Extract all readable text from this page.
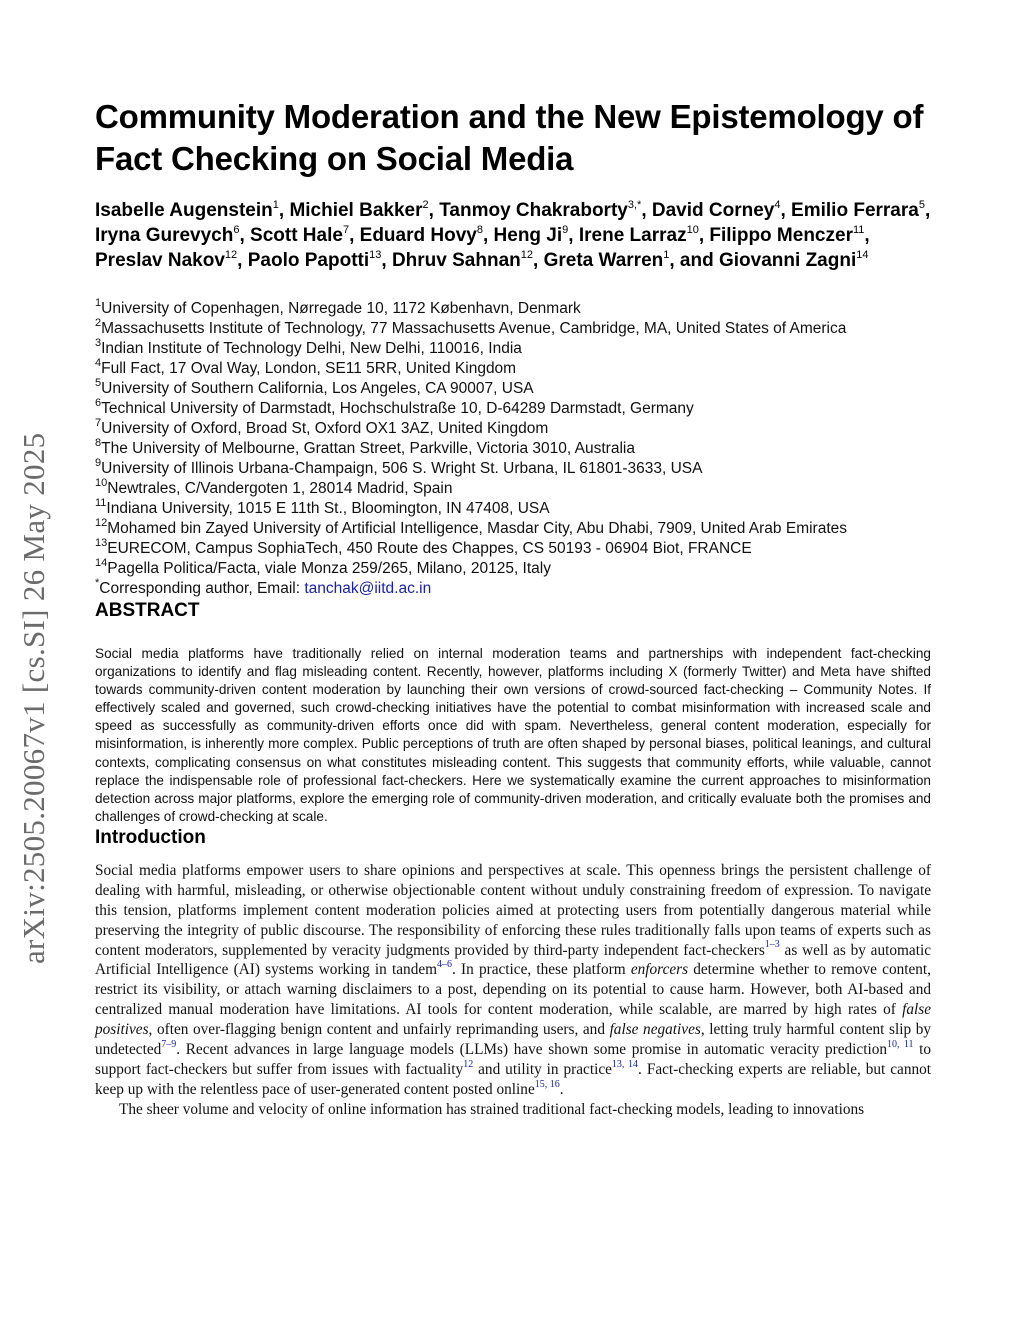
arXiv:2505.20067v1 [cs.SI] 26 May 2025
Community Moderation and the New Epistemology of
Fact Checking on Social Media
Isabelle Augenstein$^1$, Michiel Bakker$^2$, Tanmoy Chakraborty$^{3,*}$, David Corney$^4$, Emilio Ferrara$^5$, Iryna Gurevych$^6$, Scott Hale$^7$, Eduard Hovy$^8$, Heng Ji$^9$, Irene Larraz$^{10}$, Filippo Menczer$^{11}$, Preslav Nakov$^{12}$, Paolo Papotti$^{13}$, Dhruv Sahnan$^{12}$, Greta Warren$^1$, and Giovanni Zagni$^{14}$
$^1$University of Copenhagen, Nørregade 10, 1172 København, Denmark
$^2$Massachusetts Institute of Technology, 77 Massachusetts Avenue, Cambridge, MA, United States of America
$^3$Indian Institute of Technology Delhi, New Delhi, 110016, India
$^4$Full Fact, 17 Oval Way, London, SE11 5RR, United Kingdom
$^5$University of Southern California, Los Angeles, CA 90007, USA
$^6$Technical University of Darmstadt, Hochschulstraße 10, D-64289 Darmstadt, Germany
$^7$University of Oxford, Broad St, Oxford OX1 3AZ, United Kingdom
$^8$The University of Melbourne, Grattan Street, Parkville, Victoria 3010, Australia
$^9$University of Illinois Urbana-Champaign, 506 S. Wright St. Urbana, IL 61801-3633, USA
$^{10}$Newtrales, C/Vandergoten 1, 28014 Madrid, Spain
$^{11}$Indiana University, 1015 E 11th St., Bloomington, IN 47408, USA
$^{12}$Mohamed bin Zayed University of Artificial Intelligence, Masdar City, Abu Dhabi, 7909, United Arab Emirates
$^{13}$EURECOM, Campus SophiaTech, 450 Route des Chappes, CS 50193 - 06904 Biot, FRANCE
$^{14}$Pagella Politica/Facta, viale Monza 259/265, Milano, 20125, Italy
*Corresponding author, Email: tanchak@iitd.ac.in
ABSTRACT

Social media platforms have traditionally relied on internal moderation teams and partnerships with independent fact-checking organizations to identify and flag misleading content. Recently, however, platforms including X (formerly Twitter) and Meta have shifted towards community-driven content moderation by launching their own versions of crowd-sourced fact-checking – Community Notes. If effectively scaled and governed, such crowd-checking initiatives have the potential to combat misinformation with increased scale and speed as successfully as community-driven efforts once did with spam. Nevertheless, general content moderation, especially for misinformation, is inherently more complex. Public perceptions of truth are often shaped by personal biases, political leanings, and cultural contexts, complicating consensus on what constitutes misleading content. This suggests that community efforts, while valuable, cannot replace the indispensable role of professional fact-checkers. Here we systematically examine the current approaches to misinformation detection across major platforms, explore the emerging role of community-driven moderation, and critically evaluate both the promises and challenges of crowd-checking at scale.

Introduction

Social media platforms empower users to share opinions and perspectives at scale. This openness brings the persistent challenge of dealing with harmful, misleading, or otherwise objectionable content without unduly constraining freedom of expression. To navigate this tension, platforms implement content moderation policies aimed at protecting users from potentially dangerous material while preserving the integrity of public discourse. The responsibility of enforcing these rules traditionally falls upon teams of experts such as content moderators, supplemented by veracity judgments provided by third-party independent fact-checkers$^{1-3}$ as well as by automatic Artificial Intelligence (AI) systems working in tandem$^{4-6}$. In practice, these platform enforcers determine whether to remove content, restrict its visibility, or attach warning disclaimers to a post, depending on its potential to cause harm. However, both AI-based and centralized manual moderation have limitations. AI tools for content moderation, while scalable, are marred by high rates of false positives, often over-flagging benign content and unfairly reprimanding users, and false negatives, letting truly harmful content slip by undetected$^{7-9}$. Recent advances in large language models (LLMs) have shown some promise in automatic veracity prediction$^{10, 11}$ to support fact-checkers but suffer from issues with factuality$^{12}$ and utility in practice$^{13, 14}$. Fact-checking experts are reliable, but cannot keep up with the relentless pace of user-generated content posted online$^{15, 16}$.

The sheer volume and velocity of online information has strained traditional fact-checking models, leading to innovations
